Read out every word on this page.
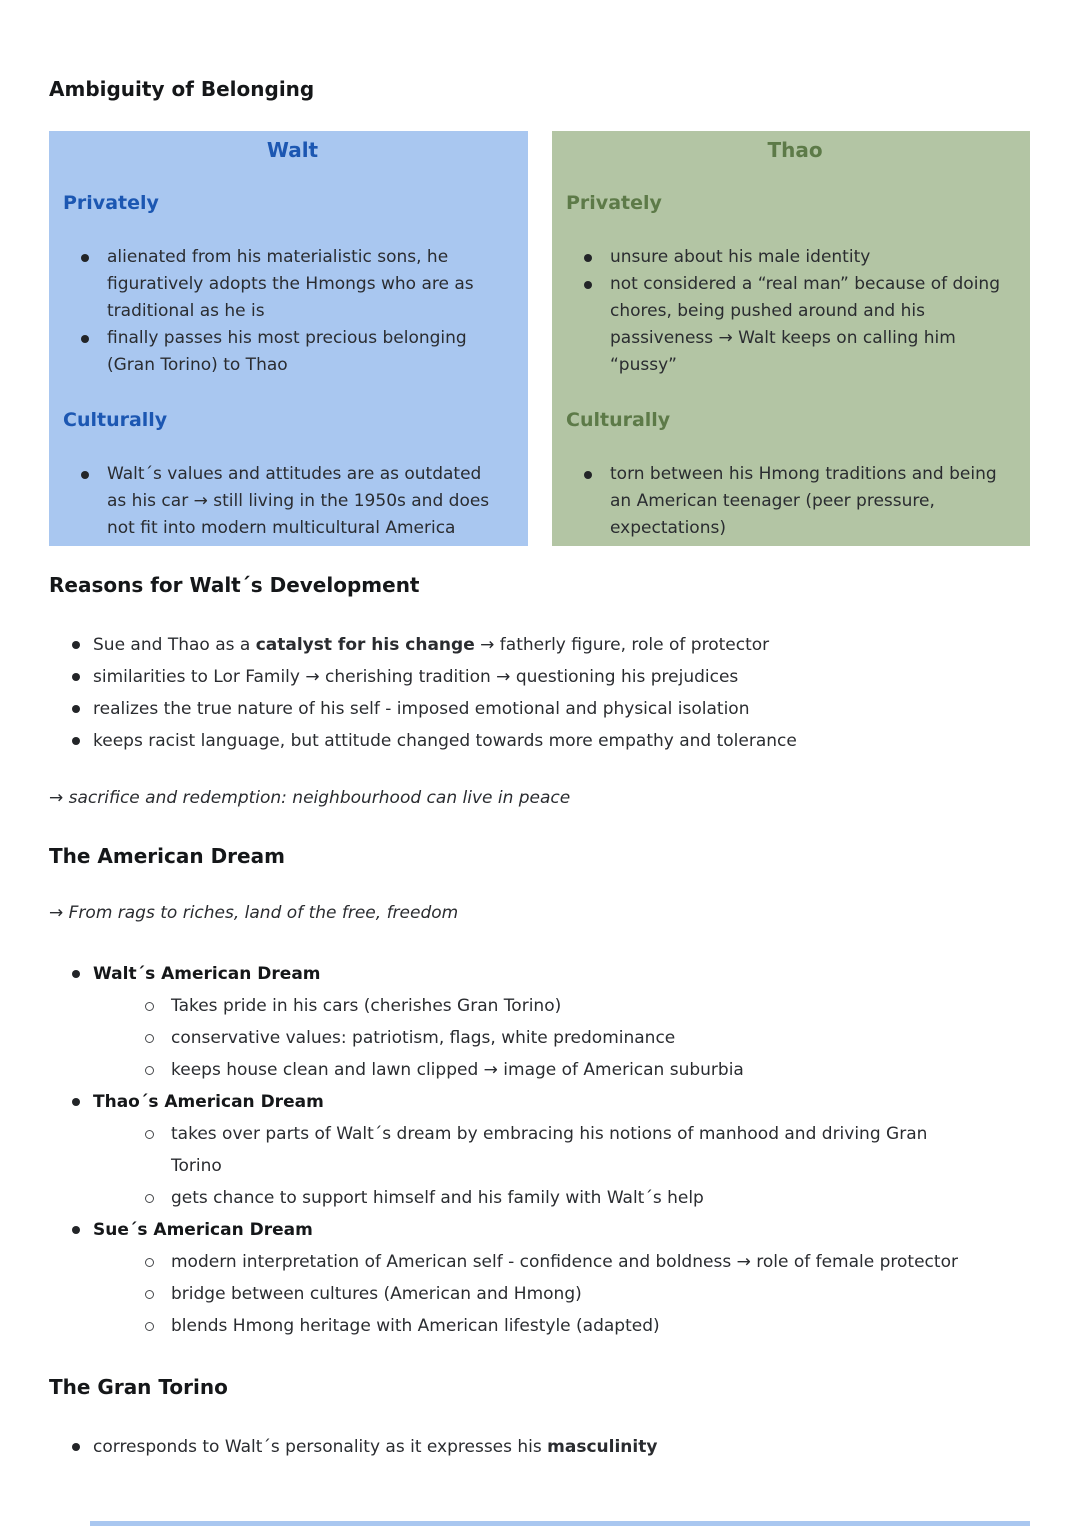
Ambiguity of Belonging
Walt
Privately
alienated from his materialistic sons, he
figuratively adopts the Hmongs who are as
traditional as he is
finally passes his most precious belonging
(Gran Torino) to Thao
Culturally
Walt´s values and attitudes are as outdated
as his car → still living in the 1950s and does
not fit into modern multicultural America
Thao
Privately
unsure about his male identity
not considered a “real man” because of doing
chores, being pushed around and his
passiveness → Walt keeps on calling him
“pussy”
Culturally
torn between his Hmong traditions and being
an American teenager (peer pressure,
expectations)
Reasons for Walt´s Development
Sue and Thao as a catalyst for his change → fatherly figure, role of protector
similarities to Lor Family → cherishing tradition → questioning his prejudices
realizes the true nature of his self - imposed emotional and physical isolation
keeps racist language, but attitude changed towards more empathy and tolerance
→ sacrifice and redemption: neighbourhood can live in peace
The American Dream
→ From rags to riches, land of the free, freedom
Walt´s American Dream
Takes pride in his cars (cherishes Gran Torino)
conservative values: patriotism, flags, white predominance
keeps house clean and lawn clipped → image of American suburbia
Thao´s American Dream
takes over parts of Walt´s dream by embracing his notions of manhood and driving Gran
Torino
gets chance to support himself and his family with Walt´s help
Sue´s American Dream
modern interpretation of American self - confidence and boldness → role of female protector
bridge between cultures (American and Hmong)
blends Hmong heritage with American lifestyle (adapted)
The Gran Torino
corresponds to Walt´s personality as it expresses his masculinity
